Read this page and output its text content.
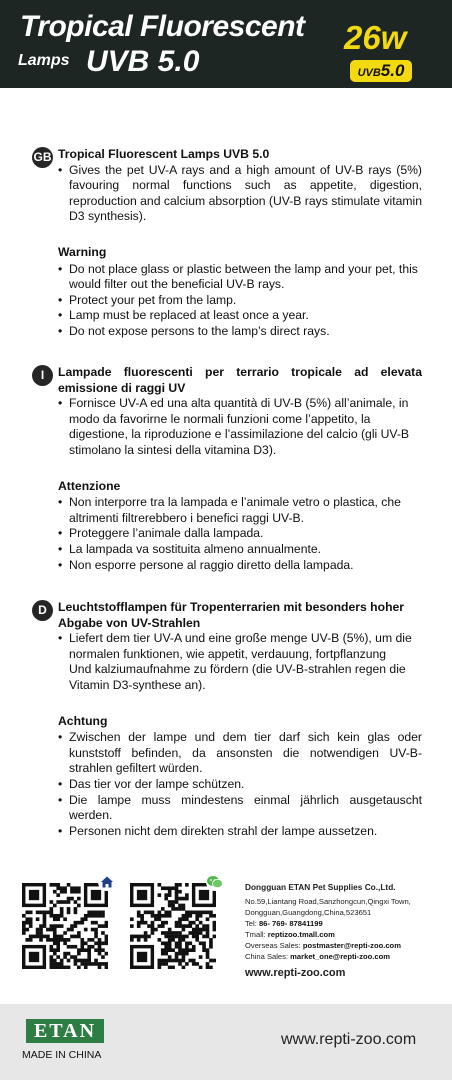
Tropical Fluorescent
Lamps UVB 5.0
26w
UVB5.0
GB Tropical Fluorescent Lamps UVB 5.0

• Gives the pet UV-A rays and a high amount of UV-B rays (5%) favouring normal functions such as appetite, digestion, reproduction and calcium absorption (UV-B rays stimulate vitamin D3 synthesis).

Warning

• Do not place glass or plastic between the lamp and your pet, this would filter out the beneficial UV-B rays.
• Protect your pet from the lamp.
• Lamp must be replaced at least once a year.
• Do not expose persons to the lamp’s direct rays.
I	Lampade fluorescenti per terrario tropicale ad elevata emissione di raggi UV

• Fornisce UV-A ed una alta quantità di UV-B (5%) all’animale, in modo da favorirne le normali funzioni come l’appetito, la digestione, la riproduzione e l’assimilazione del calcio (gli UV-B stimolano la sintesi della vitamina D3).

Attenzione

• Non interporre tra la lampada e l’animale vetro o plastica, che altrimenti filtrerebbero i benefici raggi UV-B.
• Proteggere l’animale dalla lampada.
• La lampada va sostituita almeno annualmente.
• Non esporre persone al raggio diretto della lampada.
D Leuchtstofflampen für Tropenterrarien mit besonders hoher Abgabe von UV-Strahlen

• Liefert dem tier UV-A und eine große menge UV-B (5%), um die normalen funktionen, wie appetit, verdauung, fortpflanzung
Und kalziumaufnahme zu fördern (die UV-B-strahlen regen die Vitamin D3-synthese an).

Achtung

• Zwischen der lampe und dem tier darf sich kein glas oder kunststoff befinden, da ansonsten die notwendigen UV-B-strahlen gefiltert würden.
• Das tier vor der lampe schützen.
• Die lampe muss mindestens einmal jährlich ausgetauscht werden.
• Personen nicht dem direkten strahl der lampe aussetzen.
Dongguan ETAN Pet Supplies Co.,Ltd.
No.59,Liantang Road,Sanzhongcun,Qingxi Town,
Dongguan,Guangdong,China,523651
Tel: 86- 769- 87841199
Tmall: reptizoo.tmall.com
Overseas Sales: postmaster@repti-zoo.com
China Sales: market_one@repti-zoo.com
www.repti-zoo.com
ETAN
MADE IN CHINA
www.repti-zoo.com
